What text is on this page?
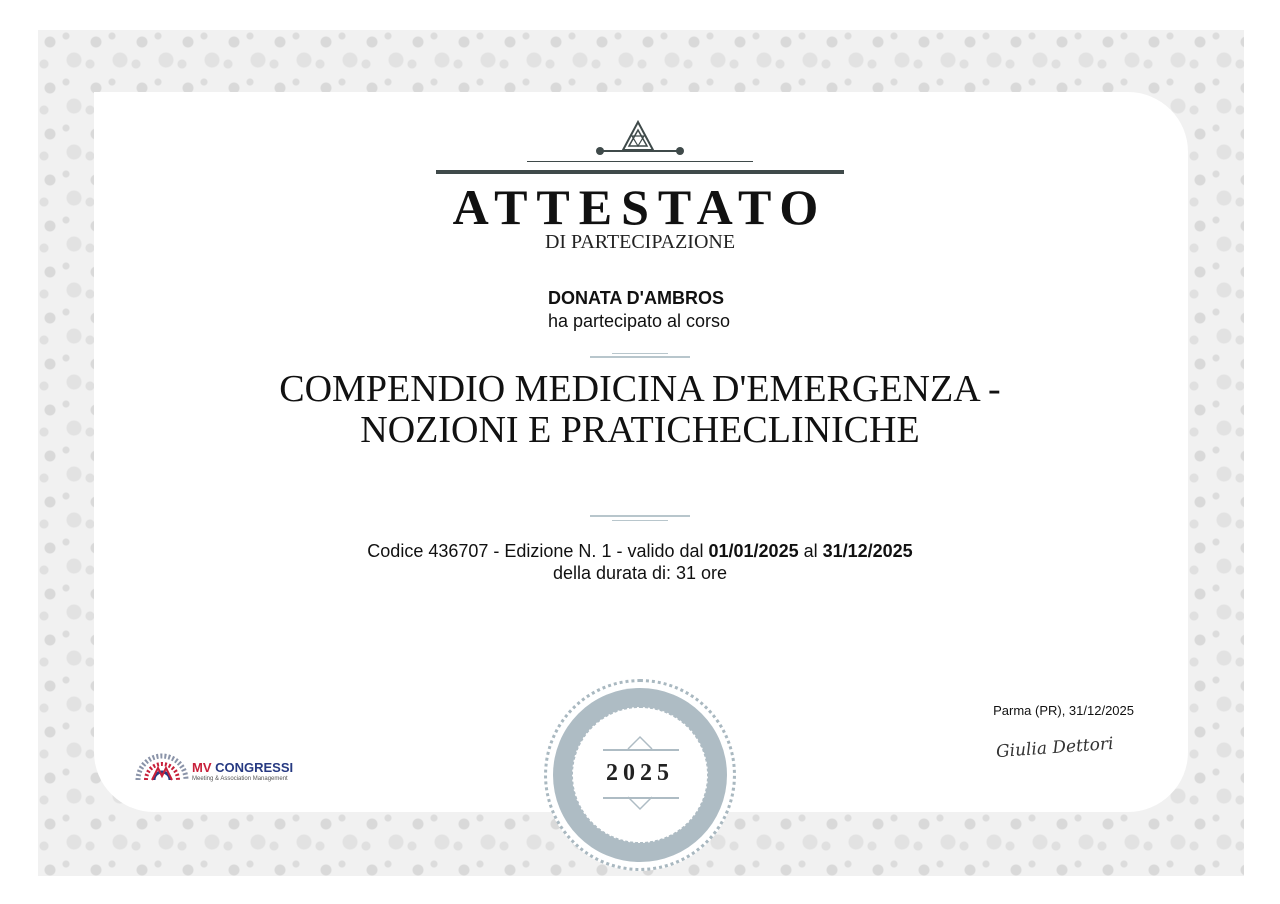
ATTESTATO
DI PARTECIPAZIONE
DONATA D'AMBROS
ha partecipato al corso
COMPENDIO MEDICINA D'EMERGENZA -
NOZIONI E PRATICHECLINICHE
Codice 436707 - Edizione N. 1 - valido dal 01/01/2025 al 31/12/2025
della durata di: 31 ore
2025
Parma (PR), 31/12/2025
Giulia Dettori
MV CONGRESSI
Meeting & Association Management
